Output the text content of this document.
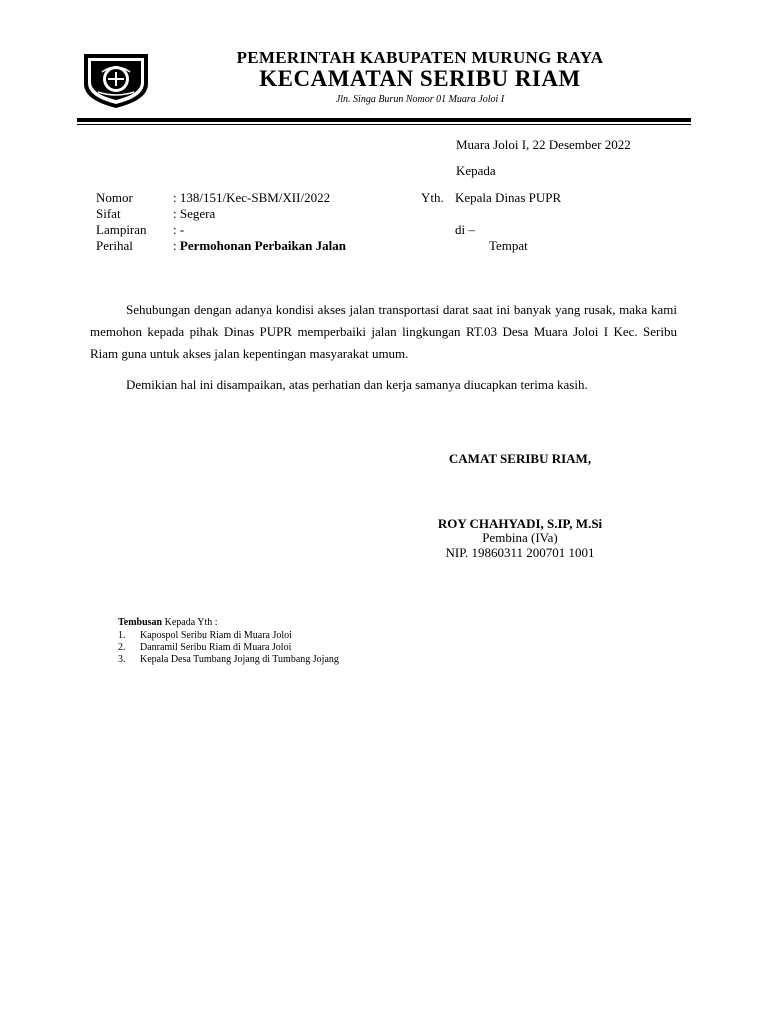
PEMERINTAH KABUPATEN MURUNG RAYA
KECAMATAN SERIBU RIAM
Jln. Singa Burun Nomor 01 Muara Joloi I
Muara Joloi I, 22 Desember 2022
Kepada
Nomor	: 138/151/Kec-SBM/XII/2022
Sifat	: Segera
Lampiran : -
Perihal	: Permohonan Perbaikan Jalan
Yth. Kepala Dinas PUPR
di –
Tempat
Sehubungan dengan adanya kondisi akses jalan transportasi darat saat ini banyak yang rusak, maka kami memohon kepada pihak Dinas PUPR memperbaiki jalan lingkungan RT.03 Desa Muara Joloi I Kec. Seribu Riam guna untuk akses jalan kepentingan masyarakat umum.
Demikian hal ini disampaikan, atas perhatian dan kerja samanya diucapkan terima kasih.
CAMAT SERIBU RIAM,
ROY CHAHYADI, S.IP, M.Si
Pembina (IVa)
NIP. 19860311 200701 1001
Tembusan Kepada Yth :
1. Kapospol Seribu Riam di Muara Joloi
2. Danramil Seribu Riam di Muara Joloi
3. Kepala Desa Tumbang Jojang di Tumbang Jojang
